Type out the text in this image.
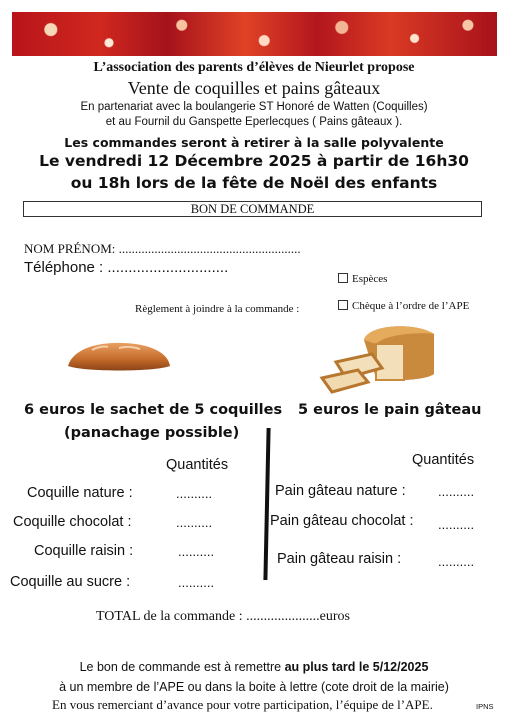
L’association des parents d’élèves de Nieurlet propose
Vente de coquilles et pains gâteaux
En partenariat avec la boulangerie ST Honoré de Watten (Coquilles)
et au Fournil du Ganspette Eperlecques ( Pains gâteaux ).
Les commandes seront à retirer à la salle polyvalente
Le vendredi 12 Décembre 2025 à partir de 16h30
ou 18h lors de la fête de Noël des enfants
BON DE COMMANDE
NOM PRÉNOM: ........................................................
Téléphone : .............................
Espèces
Règlement à joindre à la commande :	Chèque à l’ordre de l’APE
6 euros le sachet de 5 coquilles
(panachage possible)
5 euros le pain gâteau
Quantités	Quantités
Coquille nature :	..........
Coquille chocolat :	..........
Coquille raisin :	..........
Coquille au sucre :	..........
Pain gâteau nature : ..........
Pain gâteau chocolat : ..........
Pain gâteau raisin :	..........
TOTAL de la commande : .....................euros
Le bon de commande est à remettre au plus tard le 5/12/2025
à un membre de l’APE ou dans la boite à lettre (cote droit de la mairie)
En vous remerciant d’avance pour votre participation, l’équipe de l’APE.	IPNS
